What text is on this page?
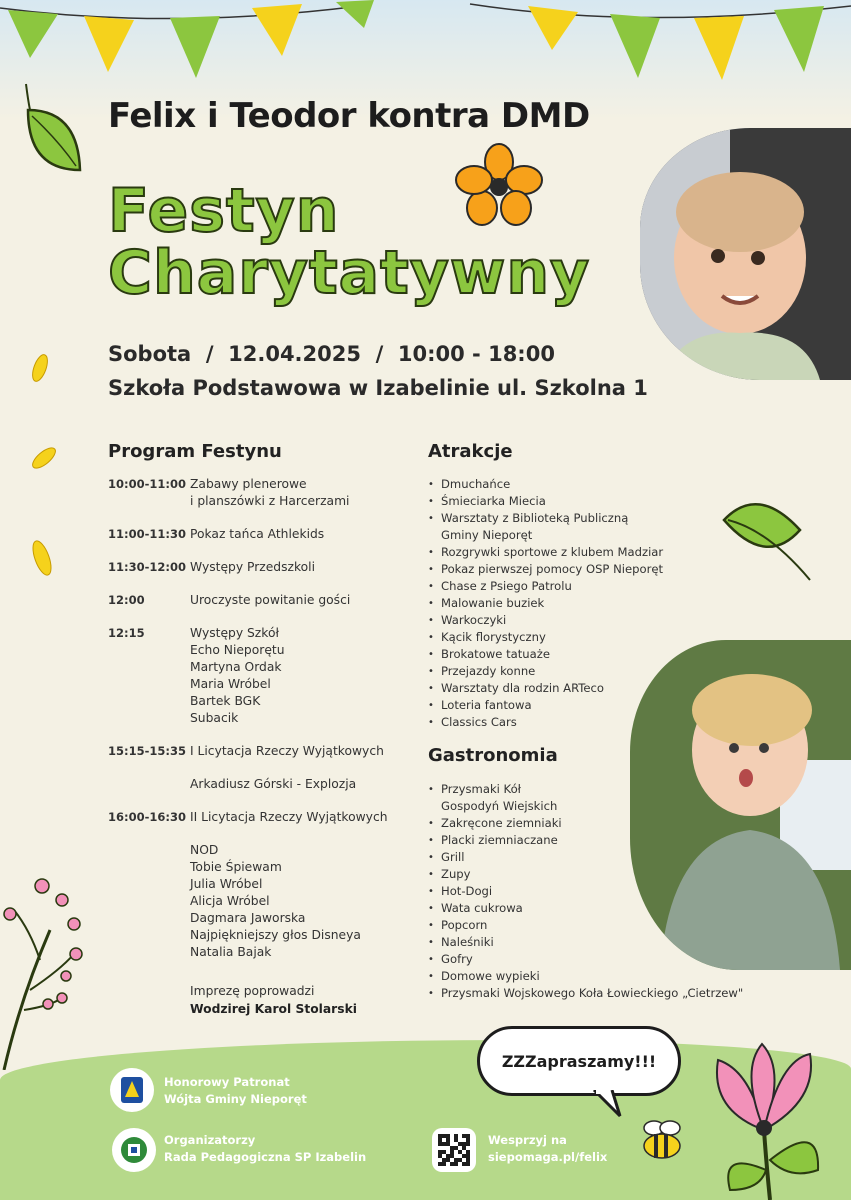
Felix i Teodor kontra DMD
Festyn
Charytatywny
Sobota  /  12.04.2025  /  10:00 - 18:00
Szkoła Podstawowa w Izabelinie ul. Szkolna 1
Program Festynu
10:00-11:00 Zabawy plenerowe
i planszówki z Harcerzami
11:00-11:30 Pokaz tańca Athlekids
11:30-12:00 Występy Przedszkoli
12:00	Uroczyste powitanie gości
12:15	Występy Szkół
Echo Nieporętu
Martyna Ordak
Maria Wróbel
Bartek BGK
Subacik
15:15-15:35 I Licytacja Rzeczy Wyjątkowych
Arkadiusz Górski - Explozja
16:00-16:30 II Licytacja Rzeczy Wyjątkowych
NOD
Tobie Śpiewam
Julia Wróbel
Alicja Wróbel
Dagmara Jaworska
Najpiękniejszy głos Disneya
Natalia Bajak
Atrakcje
• Dmuchańce
• Śmieciarka Miecia
• Warsztaty z Biblioteką Publiczną
Gminy Nieporęt
• Rozgrywki sportowe z klubem Madziar
• Pokaz pierwszej pomocy OSP Nieporęt
• Chase z Psiego Patrolu
• Malowanie buziek
• Warkoczyki
• Kącik florystyczny
• Brokatowe tatuaże
• Przejazdy konne
• Warsztaty dla rodzin ARTeco
• Loteria fantowa
• Classics Cars
Gastronomia
• Przysmaki Kół
Gospodyń Wiejskich
• Zakręcone ziemniaki
• Placki ziemniaczane
• Grill
• Zupy
• Hot-Dogi
• Wata cukrowa
• Popcorn
• Naleśniki
• Gofry
• Domowe wypieki
• Przysmaki Wojskowego Koła Łowieckiego „Cietrzew"
Imprezę poprowadzi
Wodzirej Karol Stolarski
Honorowy Patronat
Wójta Gminy Nieporęt
Organizatorzy
Rada Pedagogiczna SP Izabelin
Wesprzyj na
siepomaga.pl/felix
ZZZapraszamy!!!
